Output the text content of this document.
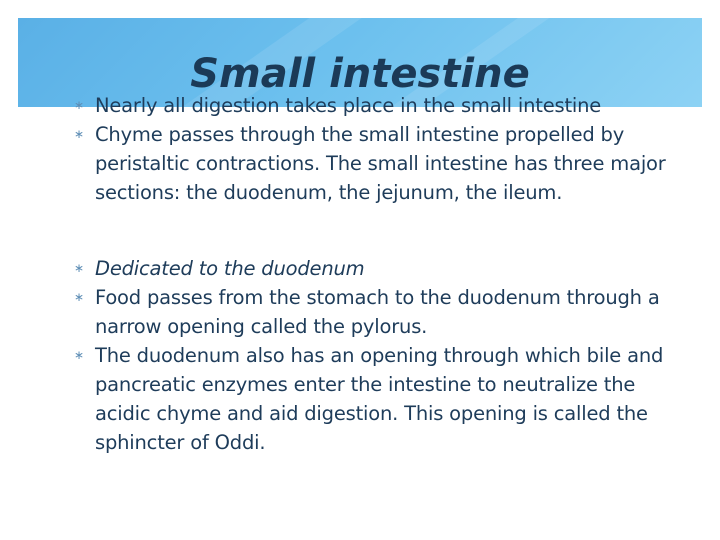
Small intestine
∗ Nearly all digestion takes place in the small intestine
∗ Chyme passes through the small intestine propelled by peristaltic contractions. The small intestine has three major sections: the duodenum, the jejunum, the ileum.
∗ Dedicated to the duodenum
∗ Food passes from the stomach to the duodenum through a narrow opening called the pylorus.
∗ The duodenum also has an opening through which bile and pancreatic enzymes enter the intestine to neutralize the acidic chyme and aid digestion. This opening is called the sphincter of Oddi.
